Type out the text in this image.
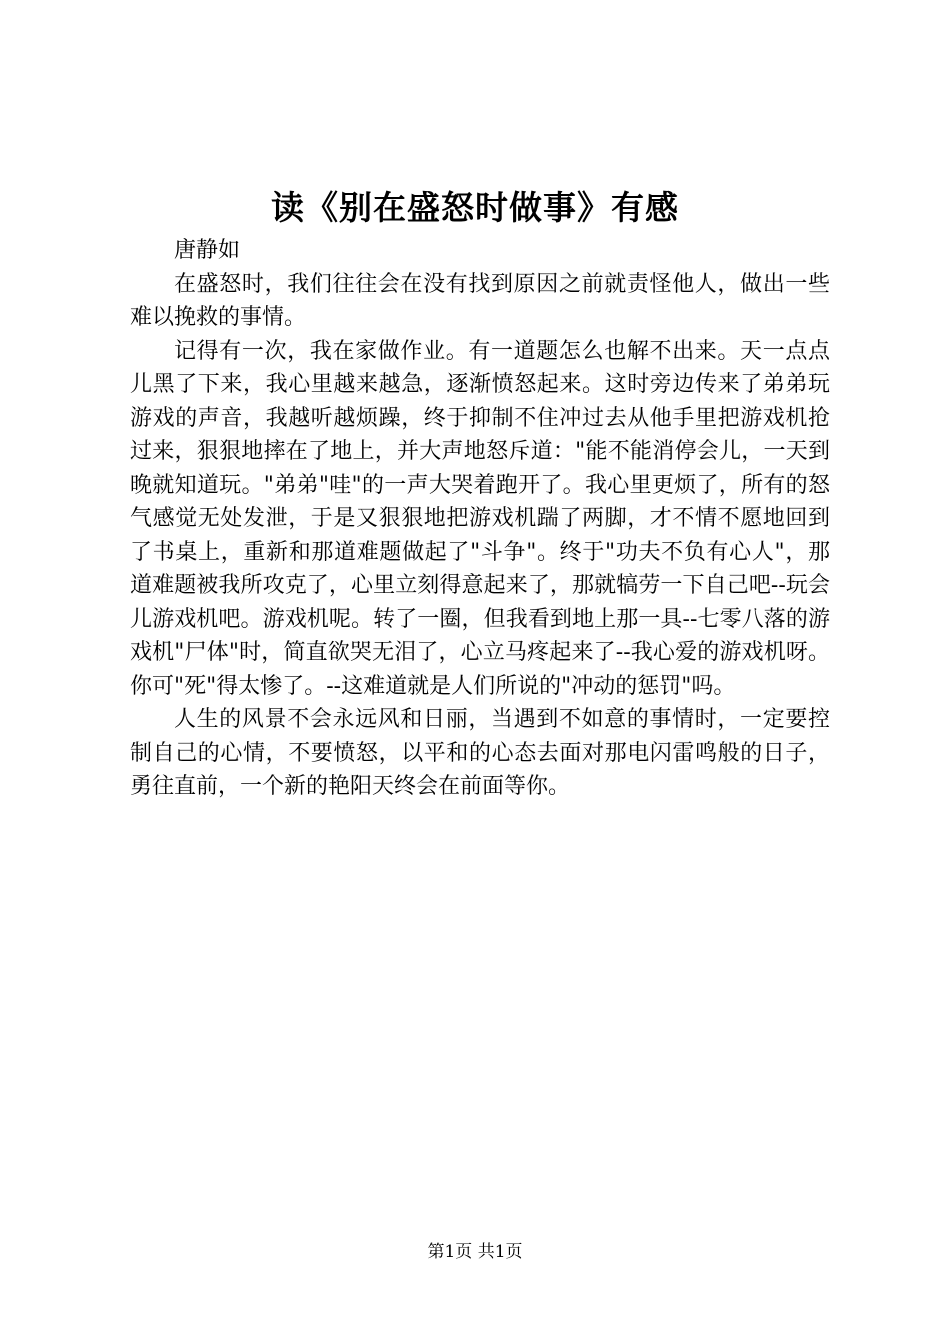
读《别在盛怒时做事》有感

唐静如

在盛怒时，我们往往会在没有找到原因之前就责怪他人，做出一些难以挽救的事情。

记得有一次，我在家做作业。有一道题怎么也解不出来。天一点点儿黑了下来，我心里越来越急，逐渐愤怒起来。这时旁边传来了弟弟玩游戏的声音，我越听越烦躁，终于抑制不住冲过去从他手里把游戏机抢过来，狠狠地摔在了地上，并大声地怒斥道："能不能消停会儿，一天到晚就知道玩。"弟弟"哇"的一声大哭着跑开了。我心里更烦了，所有的怒气感觉无处发泄，于是又狠狠地把游戏机踹了两脚，才不情不愿地回到了书桌上，重新和那道难题做起了"斗争"。终于"功夫不负有心人"，那道难题被我所攻克了，心里立刻得意起来了，那就犒劳一下自己吧--玩会儿游戏机吧。游戏机呢。转了一圈，但我看到地上那一具--七零八落的游戏机"尸体"时，简直欲哭无泪了，心立马疼起来了--我心爱的游戏机呀。你可"死"得太惨了。--这难道就是人们所说的"冲动的惩罚"吗。

人生的风景不会永远风和日丽，当遇到不如意的事情时，一定要控制自己的心情，不要愤怒，以平和的心态去面对那电闪雷鸣般的日子，勇往直前，一个新的艳阳天终会在前面等你。

第1页 共1页
